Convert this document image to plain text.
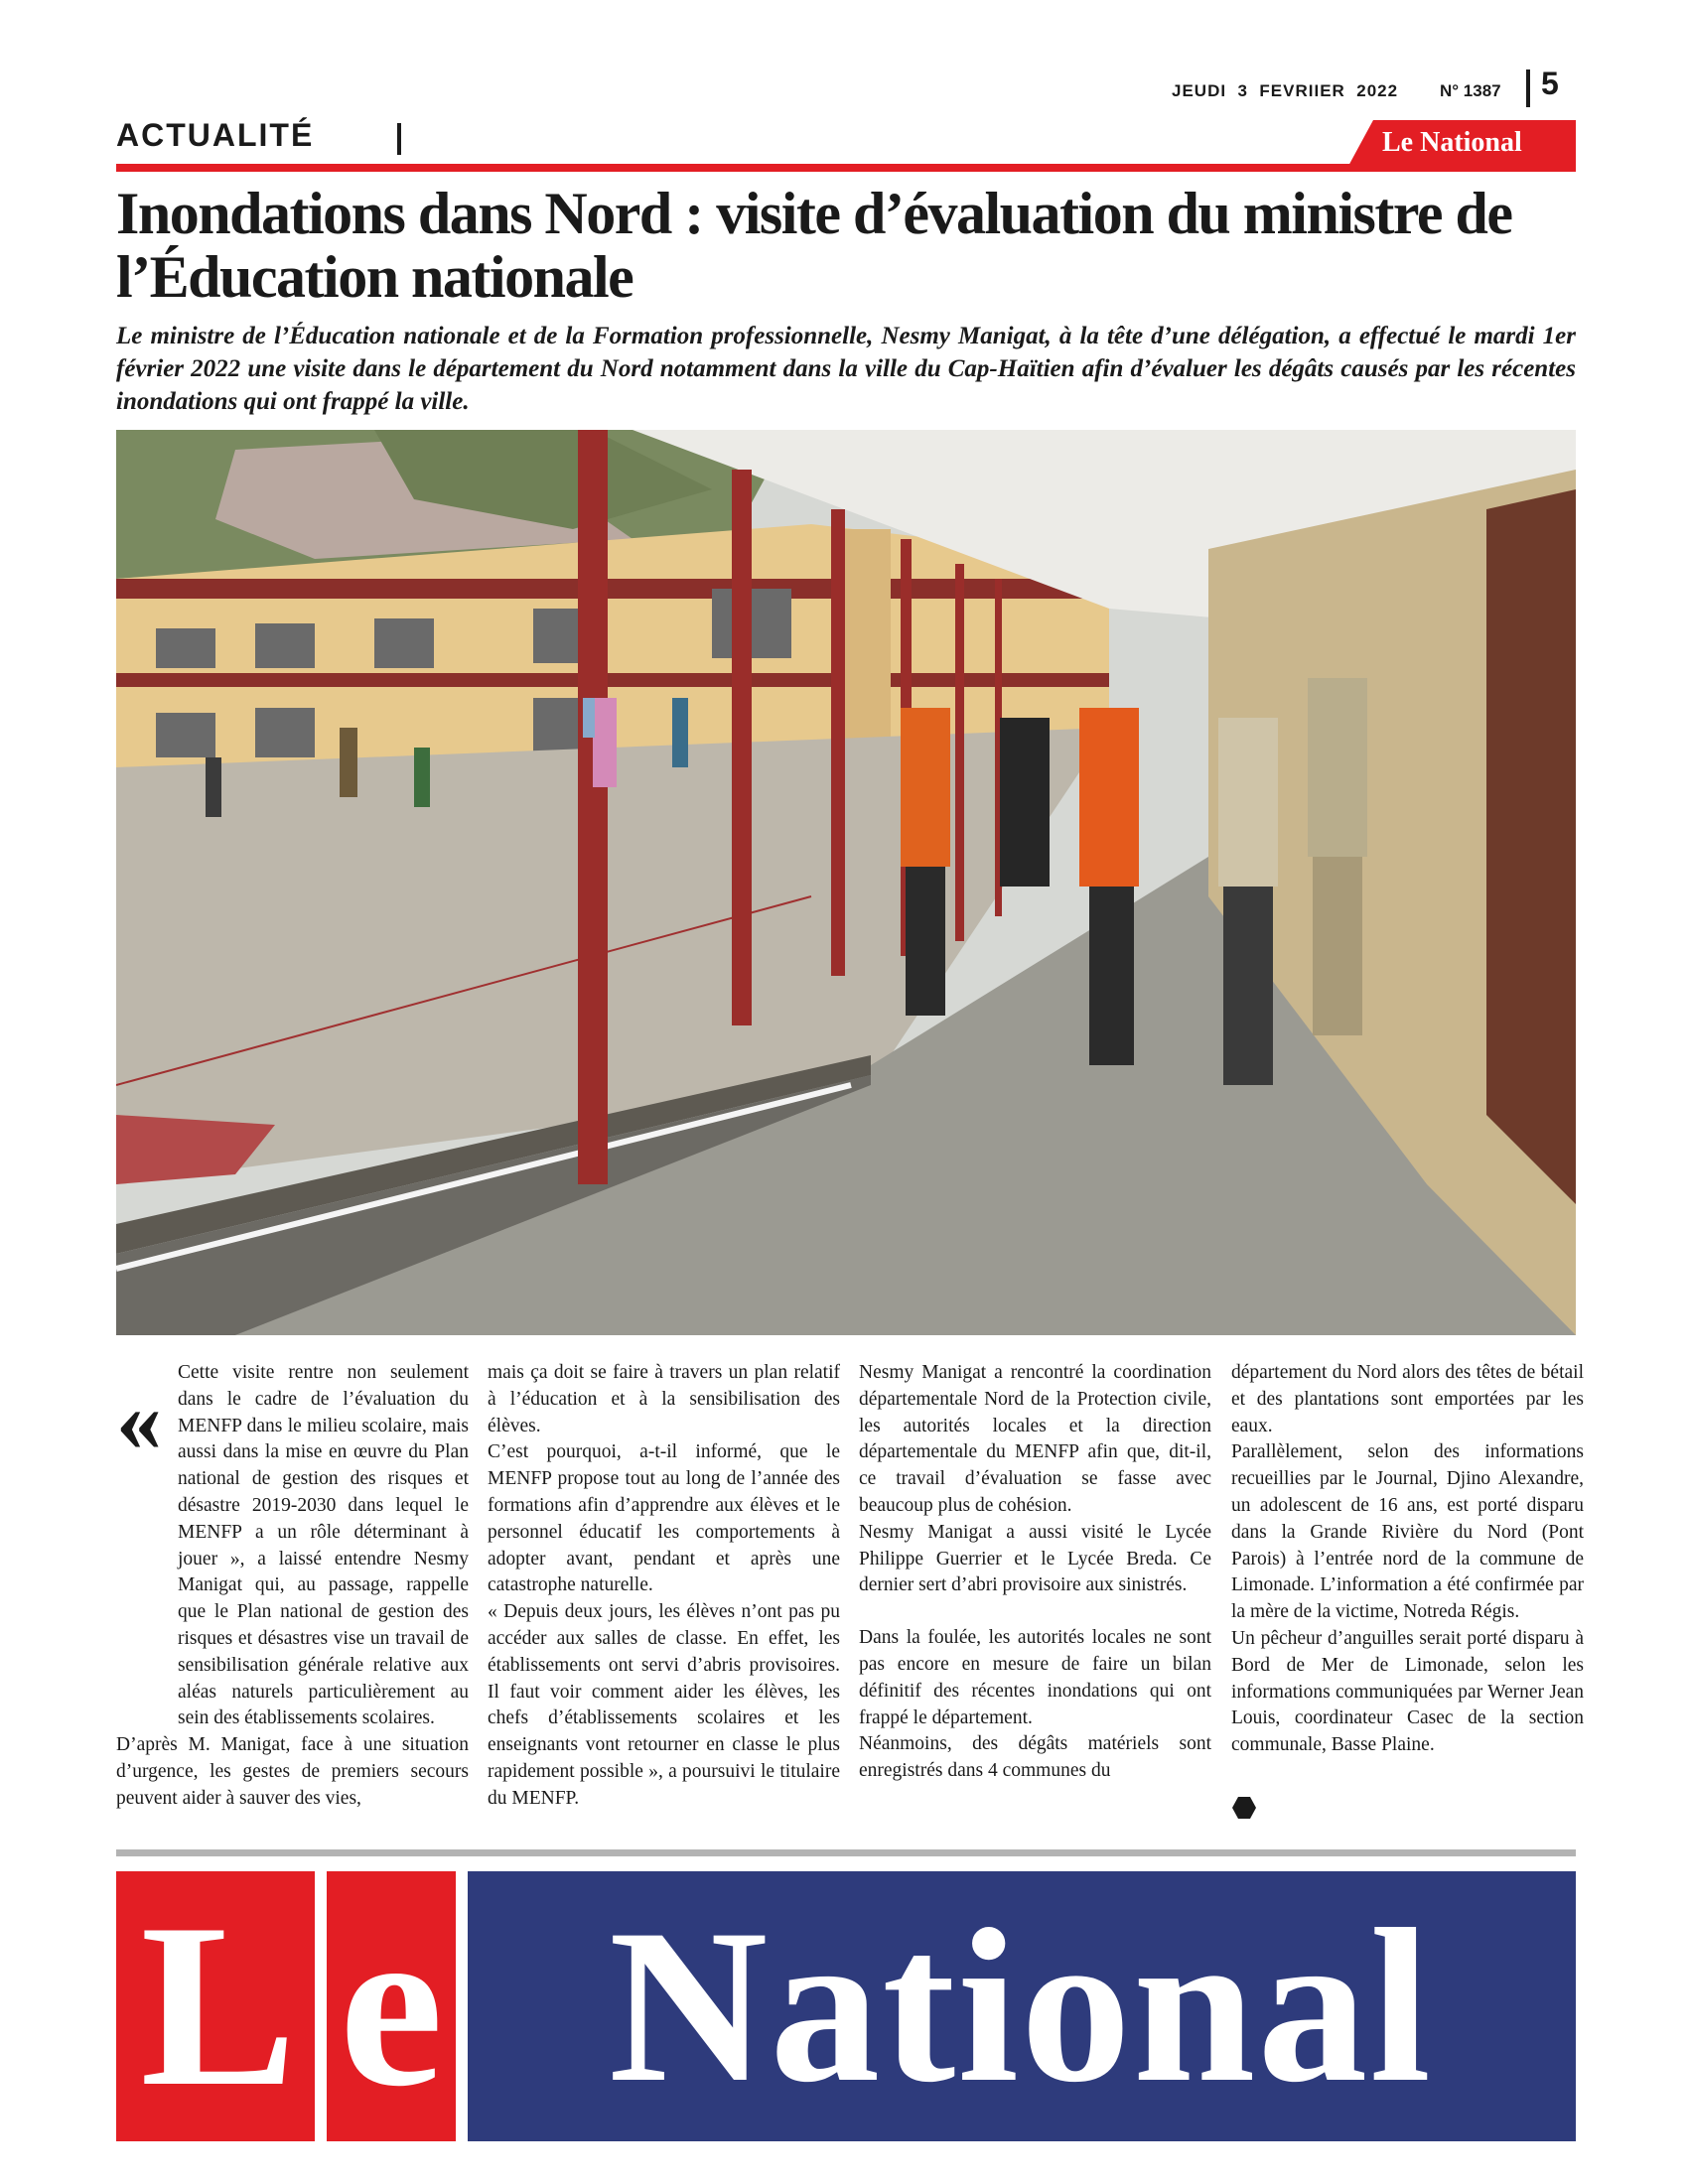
JEUDI  3  FEVRIIER  2022 N° 1387 5
ACTUALITÉ	Le National
Inondations dans Nord : visite d’évaluation du ministre de l’Éducation nationale

Le ministre de l’Éducation nationale et de la Formation professionnelle, Nesmy Manigat, à la tête d’une délégation, a effectué le mardi 1er février 2022 une visite dans le département du Nord notamment dans la ville du Cap-Haïtien afin d’évaluer les dégâts causés par les récentes inondations qui ont frappé la ville.

« Cette visite rentre non seulement dans le cadre de l’évaluation du MENFP dans le milieu scolaire, mais aussi dans la mise en œuvre du Plan national de gestion des risques et désastre 2019-2030 dans lequel le MENFP a un rôle déterminant à jouer », a laissé entendre Nesmy Manigat qui, au passage, rappelle que le Plan national de gestion des risques et désastres vise un travail de sensibilisation générale relative aux aléas naturels particulièrement au sein des établissements scolaires.

D’après M. Manigat, face à une situation d’urgence, les gestes de premiers secours peuvent aider à sauver des vies,

mais ça doit se faire à travers un plan relatif à l’éducation et à la sensibilisation des élèves.

C’est pourquoi, a-t-il informé, que le MENFP propose tout au long de l’année des formations afin d’apprendre aux élèves et le personnel éducatif les comportements à adopter avant, pendant et après une catastrophe naturelle.

« Depuis deux jours, les élèves n’ont pas pu accéder aux salles de classe. En effet, les établissements ont servi d’abris provisoires. Il faut voir comment aider les élèves, les chefs d’établissements scolaires et les enseignants vont retourner en classe le plus rapidement possible », a poursuivi le titulaire du MENFP.

Nesmy Manigat a rencontré la coordination départementale Nord de la Protection civile, les autorités locales et la direction départementale du MENFP afin que, dit-il, ce travail d’évaluation se fasse avec beaucoup plus de cohésion.

Nesmy Manigat a aussi visité le Lycée Philippe Guerrier et le Lycée Breda. Ce dernier sert d’abri provisoire aux sinistrés.

Dans la foulée, les autorités locales ne sont pas encore en mesure de faire un bilan définitif des récentes inondations qui ont frappé le département.

Néanmoins, des dégâts matériels sont enregistrés dans 4 communes du

département du Nord alors des têtes de bétail et des plantations sont emportées par les eaux.

Parallèlement, selon des informations recueillies par le Journal, Djino Alexandre, un adolescent de 16 ans, est porté disparu dans la Grande Rivière du Nord (Pont Parois) à l’entrée nord de la commune de Limonade. L’information a été confirmée par la mère de la victime, Notreda Régis.

Un pêcheur d’anguilles serait porté disparu à Bord de Mer de Limonade, selon les informations communiquées par Werner Jean Louis, coordinateur Casec de la section communale, Basse Plaine.

L e National
